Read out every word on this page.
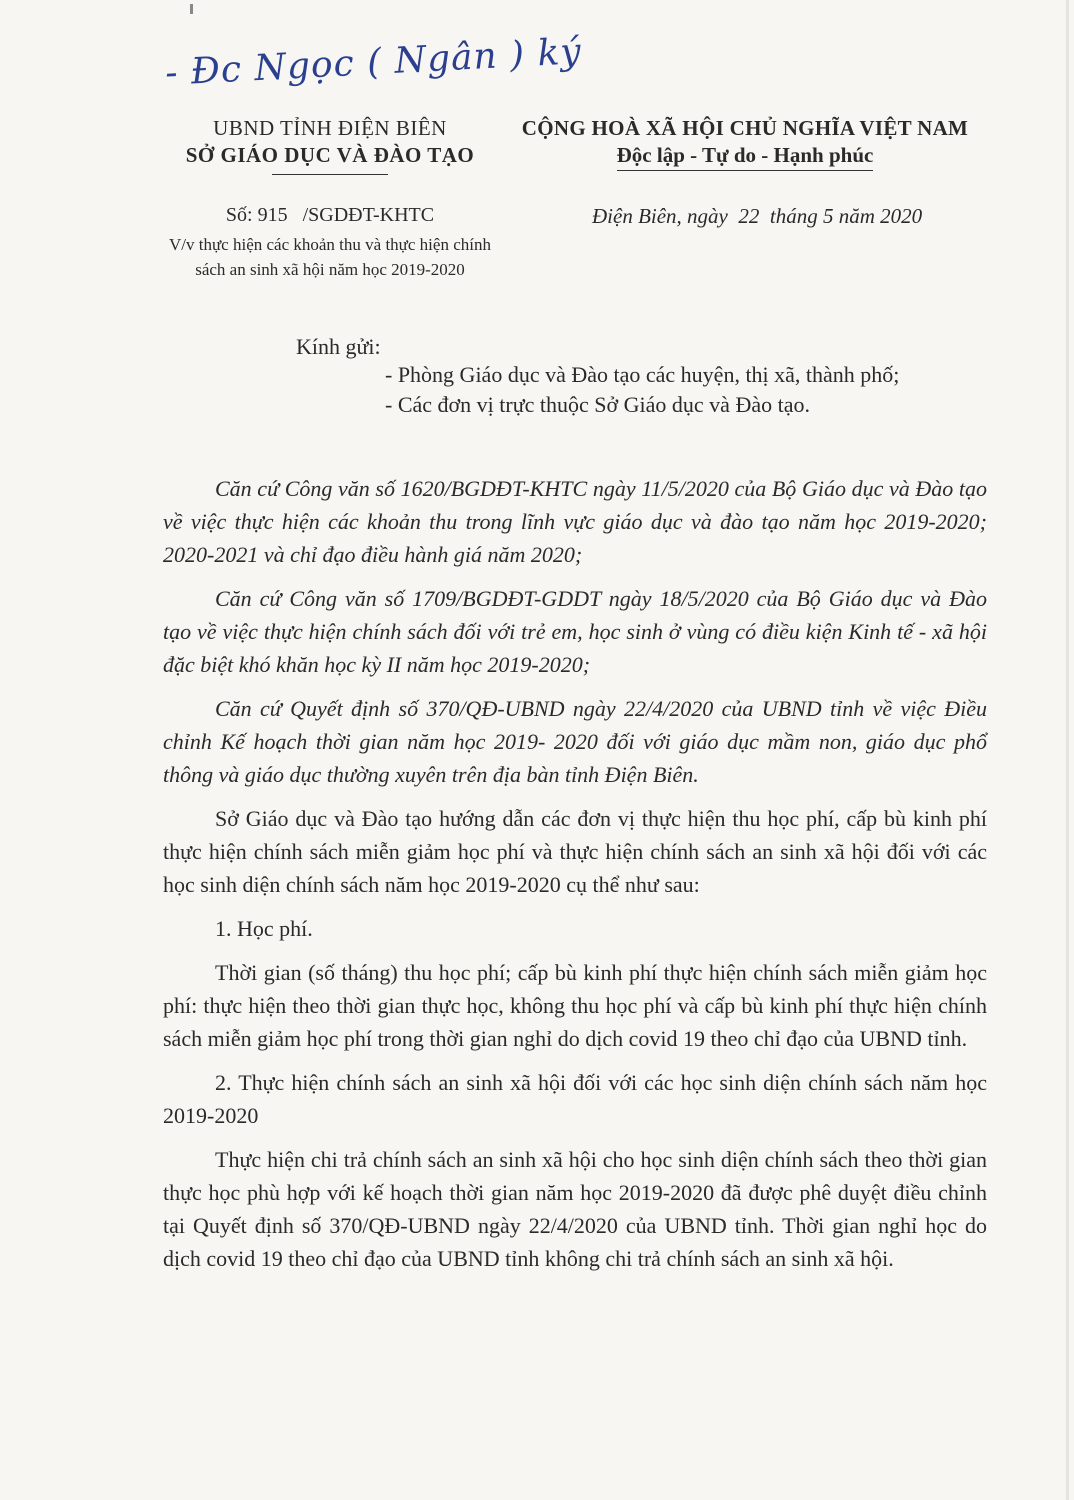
- Đc Ngọc ( Ngân ) ký
UBND TỈNH ĐIỆN BIÊN
SỞ GIÁO DỤC VÀ ĐÀO TẠO
CỘNG HOÀ XÃ HỘI CHỦ NGHĨA VIỆT NAM
Độc lập - Tự do - Hạnh phúc
Số: 915   /SGDĐT-KHTC
V/v thực hiện các khoản thu và thực hiện chính sách an sinh xã hội năm học 2019-2020
Điện Biên, ngày  22  tháng 5 năm 2020
Kính gửi:
- Phòng Giáo dục và Đào tạo các huyện, thị xã, thành phố;
- Các đơn vị trực thuộc Sở Giáo dục và Đào tạo.

Căn cứ Công văn số 1620/BGDĐT-KHTC ngày 11/5/2020 của Bộ Giáo dục và Đào tạo về việc thực hiện các khoản thu trong lĩnh vực giáo dục và đào tạo năm học 2019-2020; 2020-2021 và chỉ đạo điều hành giá năm 2020;

Căn cứ Công văn số 1709/BGDĐT-GDDT ngày 18/5/2020 của Bộ Giáo dục và Đào tạo về việc thực hiện chính sách đối với trẻ em, học sinh ở vùng có điều kiện Kinh tế - xã hội đặc biệt khó khăn học kỳ II năm học 2019-2020;

Căn cứ Quyết định số 370/QĐ-UBND ngày 22/4/2020 của UBND tỉnh về việc Điều chỉnh Kế hoạch thời gian năm học 2019- 2020 đối với giáo dục mầm non, giáo dục phổ thông và giáo dục thường xuyên trên địa bàn tỉnh Điện Biên.

Sở Giáo dục và Đào tạo hướng dẫn các đơn vị thực hiện thu học phí, cấp bù kinh phí thực hiện chính sách miễn giảm học phí và thực hiện chính sách an sinh xã hội đối với các học sinh diện chính sách năm học 2019-2020 cụ thể như sau:

1. Học phí.

Thời gian (số tháng) thu học phí; cấp bù kinh phí thực hiện chính sách miễn giảm học phí: thực hiện theo thời gian thực học, không thu học phí và cấp bù kinh phí thực hiện chính sách miễn giảm học phí trong thời gian nghỉ do dịch covid 19 theo chỉ đạo của UBND tỉnh.

2. Thực hiện chính sách an sinh xã hội đối với các học sinh diện chính sách năm học 2019-2020

Thực hiện chi trả chính sách an sinh xã hội cho học sinh diện chính sách theo thời gian thực học phù hợp với kế hoạch thời gian năm học 2019-2020 đã được phê duyệt điều chỉnh tại Quyết định số 370/QĐ-UBND ngày 22/4/2020 của UBND tỉnh. Thời gian nghỉ học do dịch covid 19 theo chỉ đạo của UBND tỉnh không chi trả chính sách an sinh xã hội.
